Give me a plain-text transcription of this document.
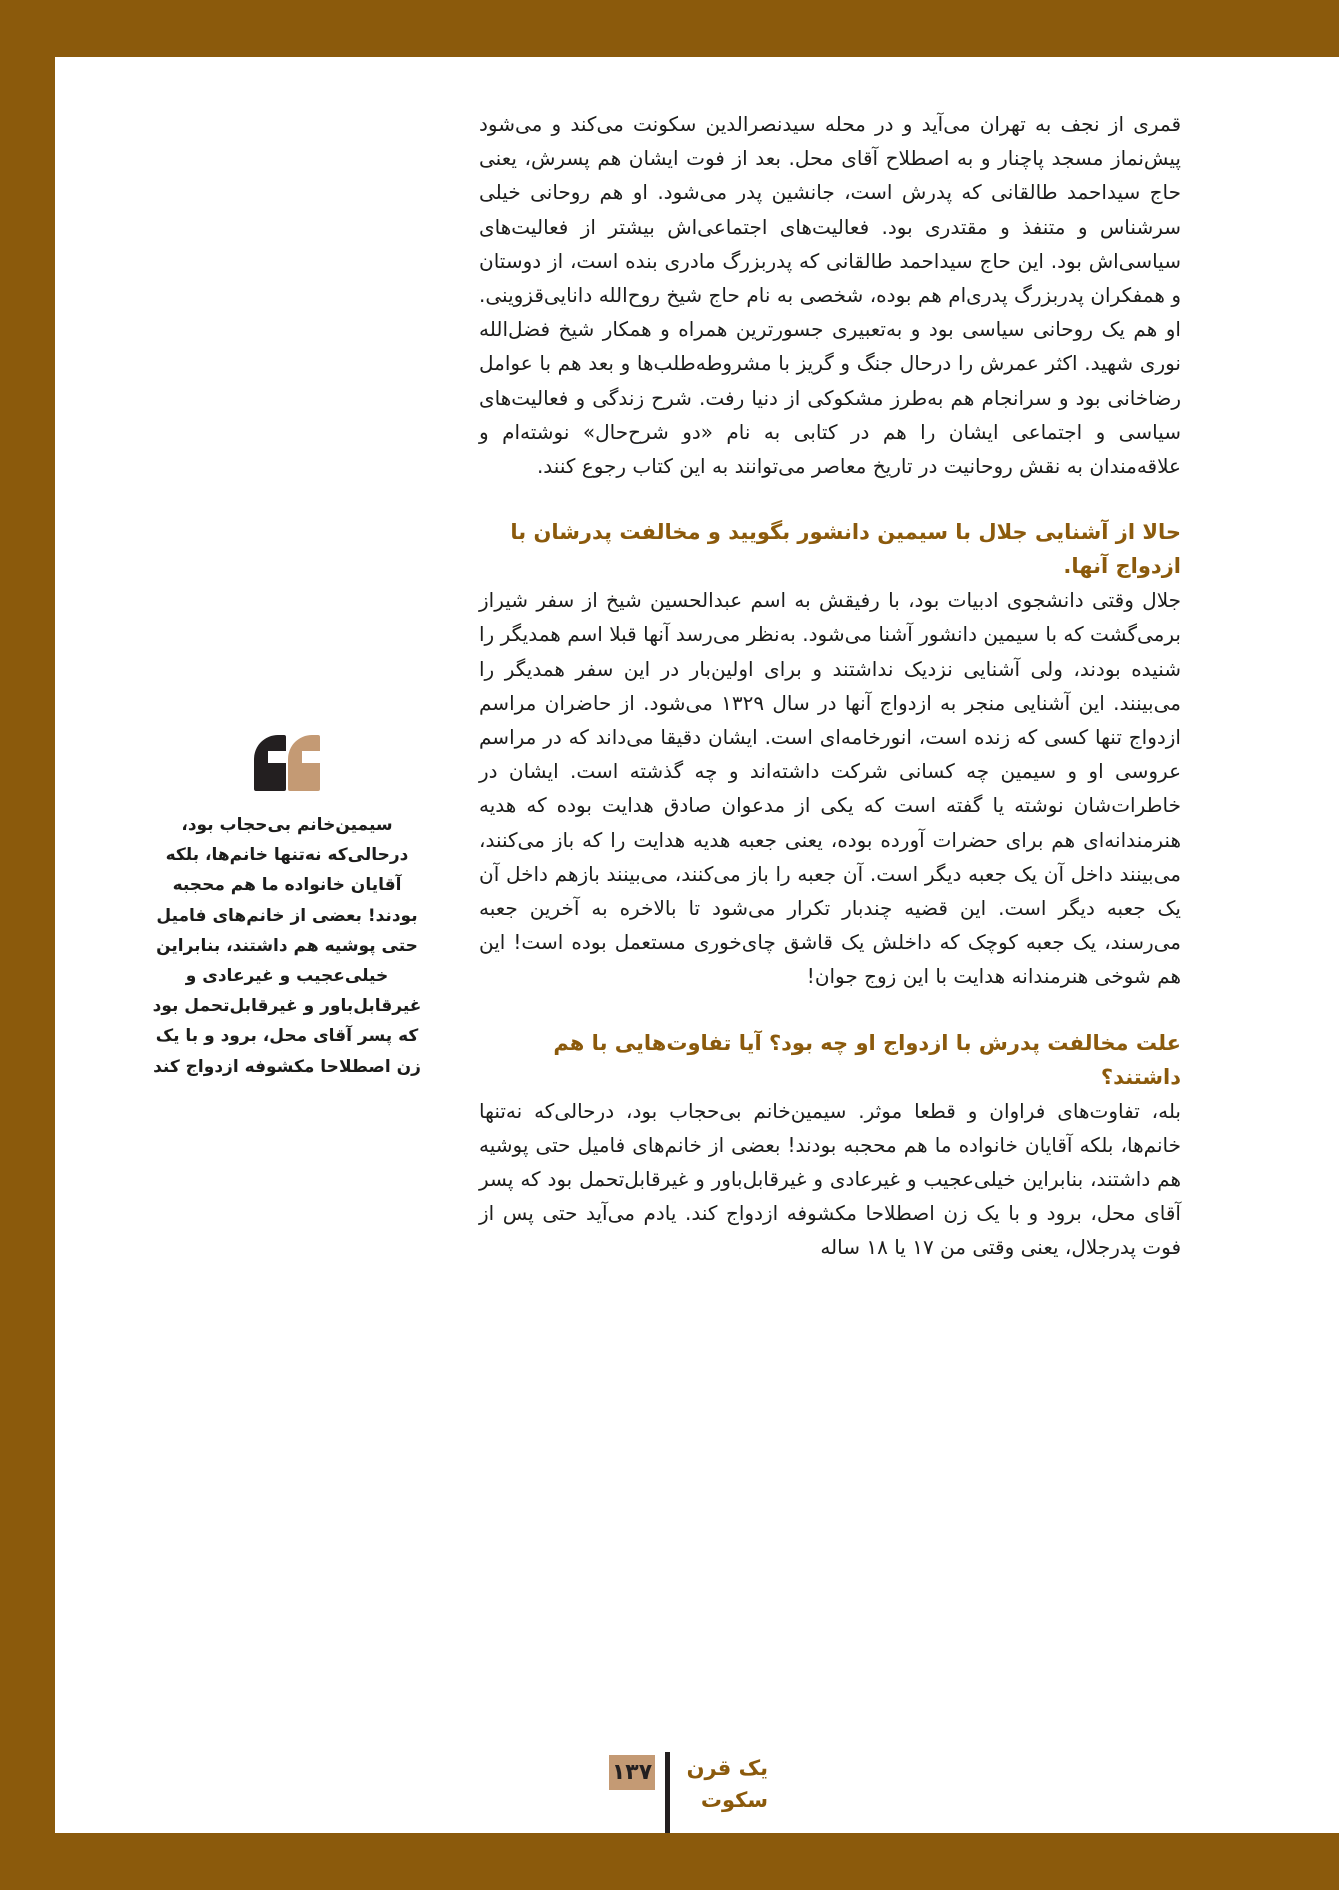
قمری از نجف به تهران می‌آید و در محله سیدنصرالدین سکونت می‌کند و می‌شود پیش‌نماز مسجد پاچنار و به اصطلاح آقای محل. بعد از فوت ایشان هم پسرش، یعنی حاج سیداحمد طالقانی که پدرش است، جانشین پدر می‌شود. او هم روحانی خیلی سرشناس و متنفذ و مقتدری بود. فعالیت‌های اجتماعی‌اش بیشتر از فعالیت‌های سیاسی‌اش بود. این حاج سیداحمد طالقانی که پدربزرگ مادری بنده است، از دوستان و همفکران پدربزرگ پدری‌ام هم بوده، شخصی به نام حاج شیخ روح‌الله دانایی‌قزوینی. او هم یک روحانی سیاسی بود و به‌تعبیری جسورترین همراه و همکار شیخ فضل‌الله نوری شهید. اکثر عمرش را درحال جنگ و گریز با مشروطه‌طلب‌ها و بعد هم با عوامل رضاخانی بود و سرانجام هم به‌طرز مشکوکی از دنیا رفت. شرح زندگی و فعالیت‌های سیاسی و اجتماعی ایشان را هم در کتابی به نام «دو شرح‌حال» نوشته‌ام و علاقه‌مندان به نقش روحانیت در تاریخ معاصر می‌توانند به این کتاب رجوع کنند.

حالا از آشنایی جلال با سیمین دانشور بگویید و مخالفت پدرشان با ازدواج آنها.

جلال وقتی دانشجوی ادبیات بود، با رفیقش به اسم عبدالحسین شیخ از سفر شیراز برمی‌گشت که با سیمین دانشور آشنا می‌شود. به‌نظر می‌رسد آنها قبلا اسم همدیگر را شنیده بودند، ولی آشنایی نزدیک نداشتند و برای اولین‌بار در این سفر همدیگر را می‌بینند. این آشنایی منجر به ازدواج آنها در سال ۱۳۲۹ می‌شود. از حاضران مراسم ازدواج تنها کسی که زنده است، انورخامه‌ای است. ایشان دقیقا می‌داند که در مراسم عروسی او و سیمین چه کسانی شرکت داشته‌اند و چه گذشته است. ایشان در خاطرات‌شان نوشته یا گفته است که یکی از مدعوان صادق هدایت بوده که هدیه هنرمندانه‌ای هم برای حضرات آورده بوده، یعنی جعبه هدیه هدایت را که باز می‌کنند، می‌بینند داخل آن یک جعبه دیگر است. آن جعبه را باز می‌کنند، می‌بینند بازهم داخل آن یک جعبه دیگر است. این قضیه چندبار تکرار می‌شود تا بالاخره به آخرین جعبه می‌رسند، یک جعبه کوچک که داخلش یک قاشق چای‌خوری مستعمل بوده است! این هم شوخی هنرمندانه هدایت با این زوج جوان!

علت مخالفت پدرش با ازدواج او چه بود؟ آیا تفاوت‌هایی با هم داشتند؟

بله، تفاوت‌های فراوان و قطعا موثر. سیمین‌خانم بی‌حجاب بود، درحالی‌که نه‌تنها خانم‌ها، بلکه آقایان خانواده ما هم محجبه بودند! بعضی از خانم‌های فامیل حتی پوشیه هم داشتند، بنابراین خیلی‌عجیب و غیرعادی و غیرقابل‌باور و غیرقابل‌تحمل بود که پسر آقای محل، برود و با یک زن اصطلاحا مکشوفه ازدواج کند. یادم می‌آید حتی پس از فوت پدرجلال، یعنی وقتی من ۱۷ یا ۱۸ ساله

سیمین‌خانم بی‌حجاب بود، درحالی‌که نه‌تنها خانم‌ها، بلکه آقایان خانواده ما هم محجبه بودند! بعضی از خانم‌های فامیل حتی پوشیه هم داشتند، بنابراین خیلی‌عجیب و غیرعادی و غیرقابل‌باور و غیرقابل‌تحمل بود که پسر آقای محل، برود و با یک زن اصطلاحا مکشوفه ازدواج کند
۱۳۷	یک قرن
سکوت
